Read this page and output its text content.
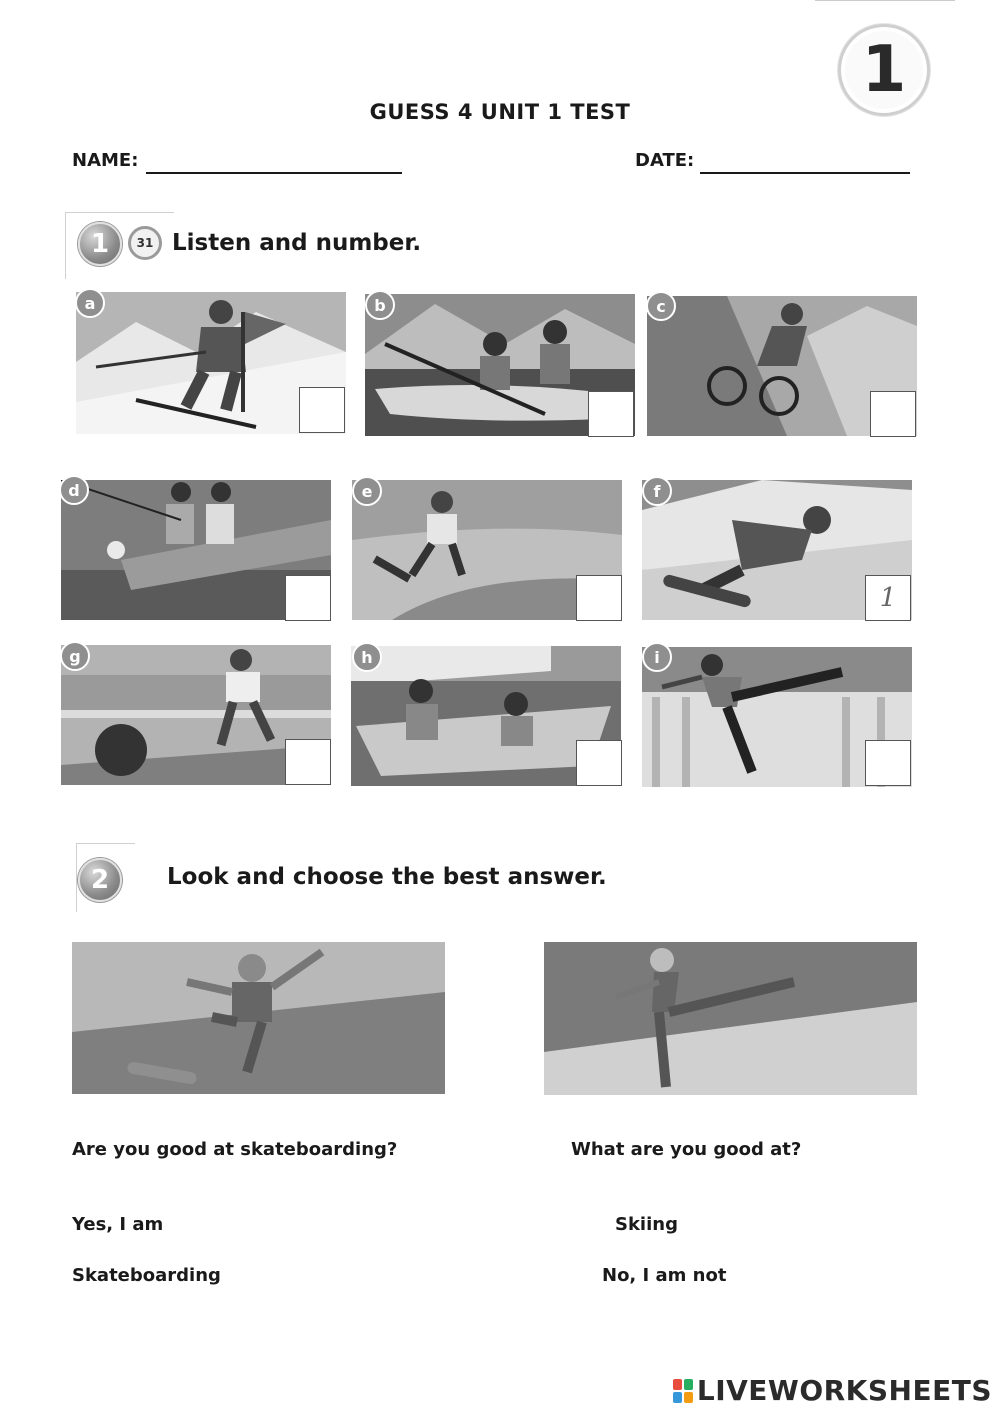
1
GUESS 4 UNIT 1 TEST
NAME:	DATE:
1	31 Listen and number.
a	b	c
d	e	f
g	h	i
1
2	Look and choose the best answer.
Are you good at skateboarding?
Yes, I am
Skateboarding
What are you good at?
Skiing
No, I am not
LIVEWORKSHEETS
